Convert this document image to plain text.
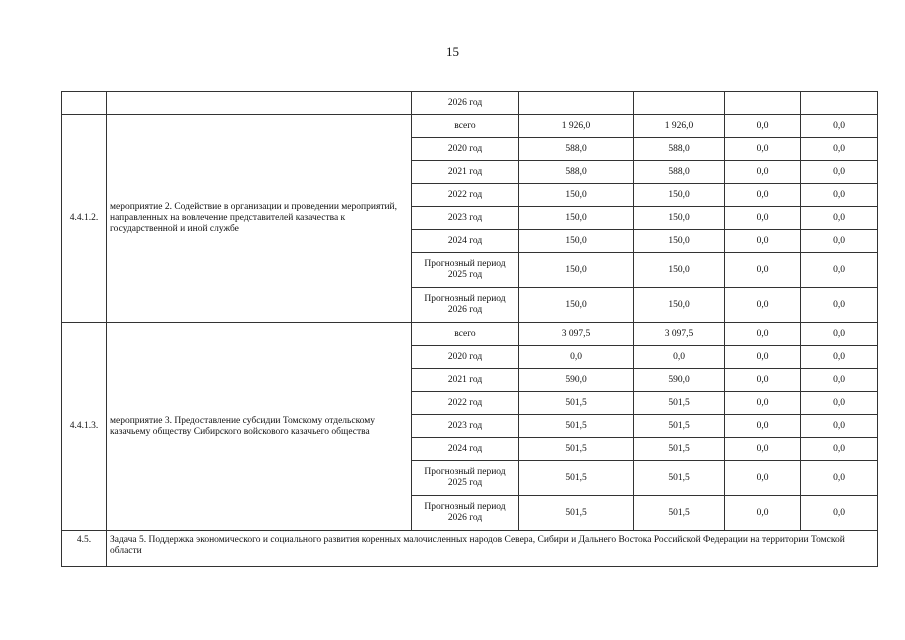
15
		2026 год				
4.4.1.2.	мероприятие 2. Содействие в организации и проведении мероприятий, направленных на вовлечение представителей казачества к государственной и иной службе	всего	1 926,0	1 926,0	0,0	0,0
		2020 год	588,0	588,0	0,0	0,0
		2021 год	588,0	588,0	0,0	0,0
		2022 год	150,0	150,0	0,0	0,0
		2023 год	150,0	150,0	0,0	0,0
		2024 год	150,0	150,0	0,0	0,0
		Прогнозный период 2025 год	150,0	150,0	0,0	0,0
		Прогнозный период 2026 год	150,0	150,0	0,0	0,0
4.4.1.3.	мероприятие 3. Предоставление субсидии Томскому отдельскому казачьему обществу Сибирского войскового казачьего общества	всего	3 097,5	3 097,5	0,0	0,0
		2020 год	0,0	0,0	0,0	0,0
		2021 год	590,0	590,0	0,0	0,0
		2022 год	501,5	501,5	0,0	0,0
		2023 год	501,5	501,5	0,0	0,0
		2024 год	501,5	501,5	0,0	0,0
		Прогнозный период 2025 год	501,5	501,5	0,0	0,0
		Прогнозный период 2026 год	501,5	501,5	0,0	0,0
4.5.	Задача 5. Поддержка экономического и социального развития коренных малочисленных народов Севера, Сибири и Дальнего Востока Российской Федерации на территории Томской области					
